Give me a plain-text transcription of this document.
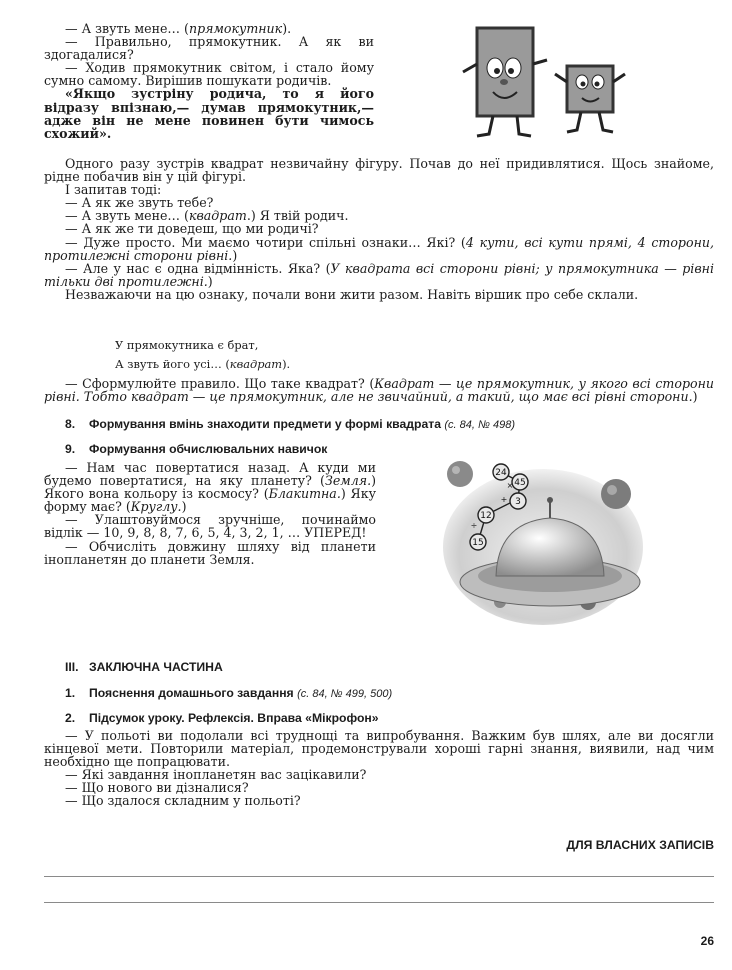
— А звуть мене… (прямокутник).

— Правильно, прямокутник. А як ви здогадалися?

— Ходив прямокутник світом, і стало йому сумно самому. Вирішив пошукати родичів.

«Якщо зустріну родича, то я його відразу впізнаю,— думав прямокутник,— адже він не мене повинен бути чимось схожий».

Одного разу зустрів квадрат незвичайну фігуру. Почав до неї придивлятися. Щось знайоме, рідне побачив він у цій фігурі.

І запитав тоді:

— А як же звуть тебе?

— А звуть мене… (квадрат.) Я твій родич.

— А як же ти доведеш, що ми родичі?

— Дуже просто. Ми маємо чотири спільні ознаки… Які? (4 кути, всі кути прямі, 4 сторони, протилежні сторони рівні.)

— Але у нас є одна відмінність. Яка? (У квадрата всі сторони рівні; у прямокутника — рівні тільки дві протилежні.)

Незважаючи на цю ознаку, почали вони жити разом. Навіть віршик про себе склали.

У прямокутника є брат,
А звуть його усі… (квадрат).

— Сформулюйте правило. Що таке квадрат? (Квадрат — це прямокутник, у якого всі сторони рівні. Тобто квадрат — це прямокутник, але не звичайний, а такий, що має всі рівні сторони.)

8. Формування вмінь знаходити предмети у формі квадрата (с. 84, № 498)
9. Формування обчислювальних навичок

— Нам час повертатися назад. А куди ми будемо повертатися, на яку планету? (Земля.) Якого вона кольору із космосу? (Блакитна.) Яку форму має? (Круглу.)

— Улаштовуймося зручніше, починаймо відлік — 10, 9, 8, 8, 7, 6, 5, 4, 3, 2, 1, … УПЕРЕД!

— Обчисліть довжину шляху від планети інопланетян до планети Земля.

24
45
3
12
15
×
+
÷
III. ЗАКЛЮЧНА ЧАСТИНА
1. Пояснення домашнього завдання (с. 84, № 499, 500)
2. Підсумок уроку. Рефлексія. Вправа «Мікрофон»

— У польоті ви подолали всі труднощі та випробування. Важким був шлях, але ви досягли кінцевої мети. Повторили матеріал, продемонстрували хороші гарні знання, виявили, над чим необхідно ще попрацювати.

— Які завдання інопланетян вас зацікавили?

— Що нового ви дізналися?

— Що здалося складним у польоті?

ДЛЯ ВЛАСНИХ ЗАПИСІВ
26
